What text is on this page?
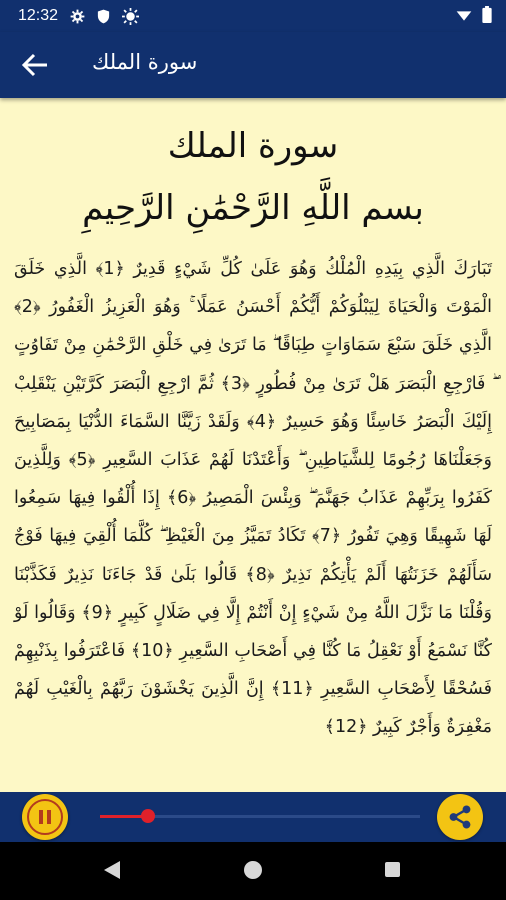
12:32
سورة الملك
سورة الملك
بسم اللَّهِ الرَّحْمَٰنِ الرَّحِيمِ
تَبَارَكَ الَّذِي بِيَدِهِ الْمُلْكُ وَهُوَ عَلَىٰ كُلِّ شَيْءٍ قَدِيرٌ ﴿1﴾ الَّذِي خَلَقَ الْمَوْتَ وَالْحَيَاةَ لِيَبْلُوَكُمْ أَيُّكُمْ أَحْسَنُ عَمَلًا ۚ وَهُوَ الْعَزِيزُ الْغَفُورُ ﴿2﴾ الَّذِي خَلَقَ سَبْعَ سَمَاوَاتٍ طِبَاقًا ۖ مَا تَرَىٰ فِي خَلْقِ الرَّحْمَٰنِ مِنْ تَفَاوُتٍ ۖ فَارْجِعِ الْبَصَرَ هَلْ تَرَىٰ مِنْ فُطُورٍ ﴿3﴾ ثُمَّ ارْجِعِ الْبَصَرَ كَرَّتَيْنِ يَنْقَلِبْ إِلَيْكَ الْبَصَرُ خَاسِئًا وَهُوَ حَسِيرٌ ﴿4﴾ وَلَقَدْ زَيَّنَّا السَّمَاءَ الدُّنْيَا بِمَصَابِيحَ وَجَعَلْنَاهَا رُجُومًا لِلشَّيَاطِينِ ۖ وَأَعْتَدْنَا لَهُمْ عَذَابَ السَّعِيرِ ﴿5﴾ وَلِلَّذِينَ كَفَرُوا بِرَبِّهِمْ عَذَابُ جَهَنَّمَ ۖ وَبِئْسَ الْمَصِيرُ ﴿6﴾ إِذَا أُلْقُوا فِيهَا سَمِعُوا لَهَا شَهِيقًا وَهِيَ تَفُورُ ﴿7﴾ تَكَادُ تَمَيَّزُ مِنَ الْغَيْظِ ۖ كُلَّمَا أُلْقِيَ فِيهَا فَوْجٌ سَأَلَهُمْ خَزَنَتُهَا أَلَمْ يَأْتِكُمْ نَذِيرٌ ﴿8﴾ قَالُوا بَلَىٰ قَدْ جَاءَنَا نَذِيرٌ فَكَذَّبْنَا وَقُلْنَا مَا نَزَّلَ اللَّهُ مِنْ شَيْءٍ إِنْ أَنْتُمْ إِلَّا فِي ضَلَالٍ كَبِيرٍ ﴿9﴾ وَقَالُوا لَوْ كُنَّا نَسْمَعُ أَوْ نَعْقِلُ مَا كُنَّا فِي أَصْحَابِ السَّعِيرِ ﴿10﴾ فَاعْتَرَفُوا بِذَنْبِهِمْ فَسُحْقًا لِأَصْحَابِ السَّعِيرِ ﴿11﴾ إِنَّ الَّذِينَ يَخْشَوْنَ رَبَّهُمْ بِالْغَيْبِ لَهُمْ مَغْفِرَةٌ وَأَجْرٌ كَبِيرٌ ﴿12﴾
